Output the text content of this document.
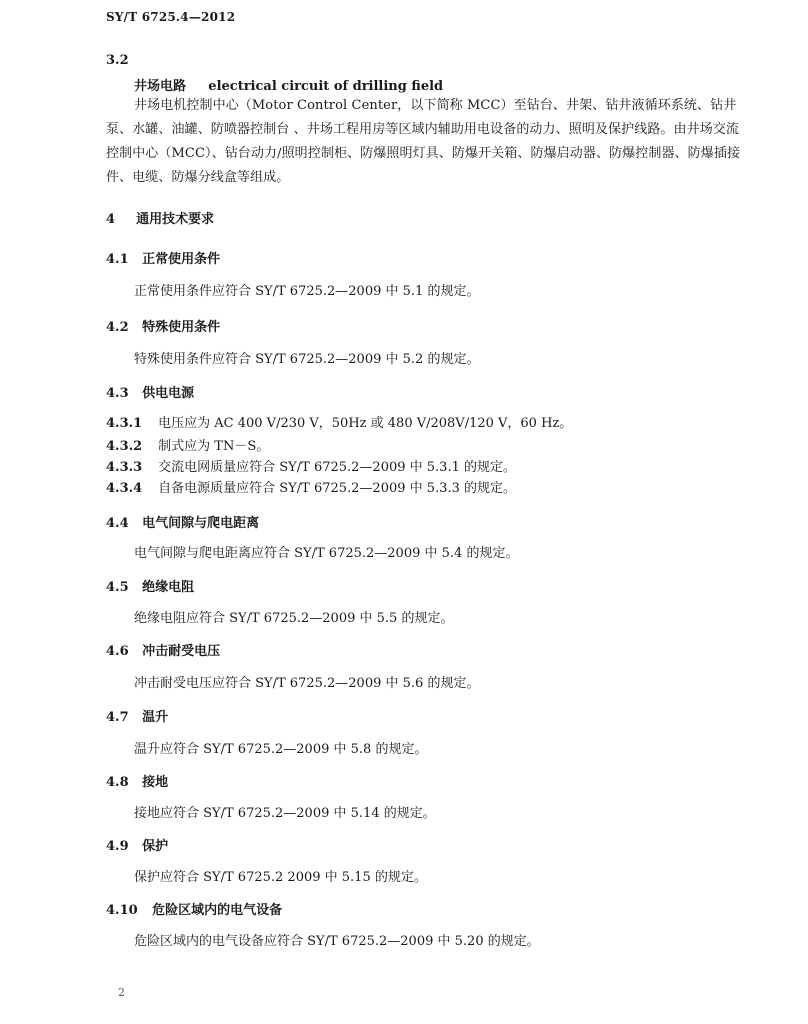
SY/T 6725.4—2012
3.2
井场电路 electrical circuit of drilling field
井场电机控制中心（Motor Control Center，以下简称 MCC）至钻台、井架、钻井液循环系统、钻井泵、水罐、油罐、防喷器控制台 、井场工程用房等区域内辅助用电设备的动力、照明及保护线路。由井场交流控制中心（MCC）、钻台动力/照明控制柜、防爆照明灯具、防爆开关箱、防爆启动器、防爆控制器、防爆插接件、电缆、防爆分线盒等组成。
4 通用技术要求
4.1 正常使用条件
正常使用条件应符合 SY/T 6725.2—2009 中 5.1 的规定。
4.2 特殊使用条件
特殊使用条件应符合 SY/T 6725.2—2009 中 5.2 的规定。
4.3 供电电源
4.3.1 电压应为 AC 400 V/230 V，50Hz 或 480 V/208V/120 V，60 Hz。
4.3.2 制式应为 TN－S。
4.3.3 交流电网质量应符合 SY/T 6725.2—2009 中 5.3.1 的规定。
4.3.4 自备电源质量应符合 SY/T 6725.2—2009 中 5.3.3 的规定。
4.4 电气间隙与爬电距离
电气间隙与爬电距离应符合 SY/T 6725.2—2009 中 5.4 的规定。
4.5 绝缘电阻
绝缘电阻应符合 SY/T 6725.2—2009 中 5.5 的规定。
4.6 冲击耐受电压
冲击耐受电压应符合 SY/T 6725.2—2009 中 5.6 的规定。
4.7 温升
温升应符合 SY/T 6725.2—2009 中 5.8 的规定。
4.8 接地
接地应符合 SY/T 6725.2—2009 中 5.14 的规定。
4.9 保护
保护应符合 SY/T 6725.2 2009 中 5.15 的规定。
4.10 危险区域内的电气设备
危险区域内的电气设备应符合 SY/T 6725.2—2009 中 5.20 的规定。
2
